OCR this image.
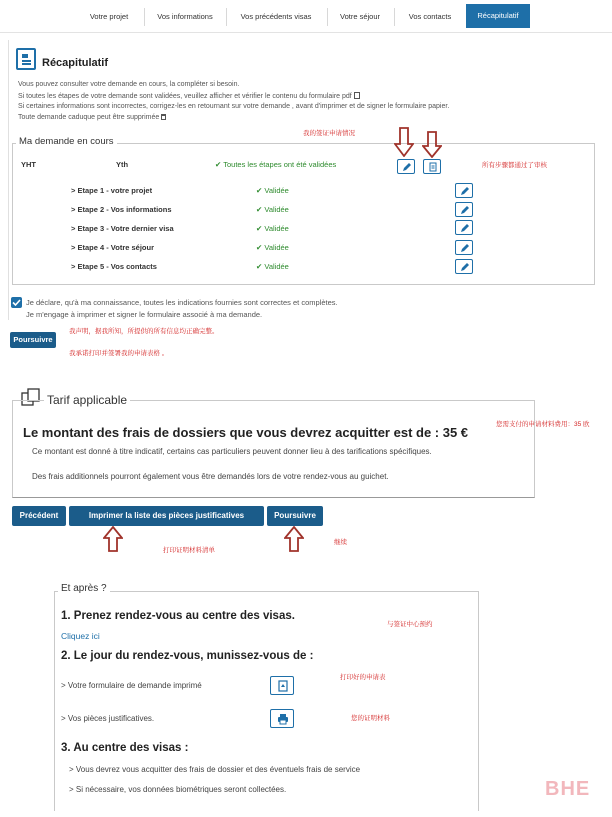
Votre projet	Vos informations	Vos précédents visas	Votre séjour	Vos contacts	Récapitulatif
Récapitulatif
Vous pouvez consulter votre demande en cours, la compléter si besoin.
Si toutes les étapes de votre demande sont validées, veuillez afficher et vérifier le contenu du formulaire pdf
Si certaines informations sont incorrectes, corrigez-les en retournant sur votre demande , avant d'imprimer et de signer le formulaire papier.
Toute demande caduque peut être supprimée
Ma demande en cours
YHT	Yth	✔ Toutes les étapes ont été validées
> Etape 1 - votre projet	✔ Validée
> Etape 2 - Vos informations	✔ Validée
> Etape 3 - Votre dernier visa	✔ Validée
> Etape 4 - Votre séjour	✔ Validée
> Etape 5 - Vos contacts	✔ Validée
Je déclare, qu'à ma connaissance, toutes les indications fournies sont correctes et complètes.
Je m'engage à imprimer et signer le formulaire associé à ma demande.
Poursuivre
Tarif applicable
Le montant des frais de dossiers que vous devrez acquitter est de : 35 €
Ce montant est donné à titre indicatif, certains cas particuliers peuvent donner lieu à des tarifications spécifiques.
Des frais additionnels pourront également vous être demandés lors de votre rendez-vous au guichet.
Précédent	Imprimer la liste des pièces justificatives	Poursuivre
Et après ?
1. Prenez rendez-vous au centre des visas.
Cliquez ici
2. Le jour du rendez-vous, munissez-vous de :
> Votre formulaire de demande imprimé
> Vos pièces justificatives.
3. Au centre des visas :
> Vous devrez vous acquitter des frais de dossier et des éventuels frais de service
> Si nécessaire, vos données biométriques seront collectées.
我的签证申请情况
所有步骤都通过了审核
我声明，据我所知，所提供的所有信息均正确完整。
我承诺打印并签署我的申请表格 。
您需支付的申请材料费用：35 欧
打印证明材料清单
继续
与签证中心预约
打印好的申请表
您的证明材料
BHE
